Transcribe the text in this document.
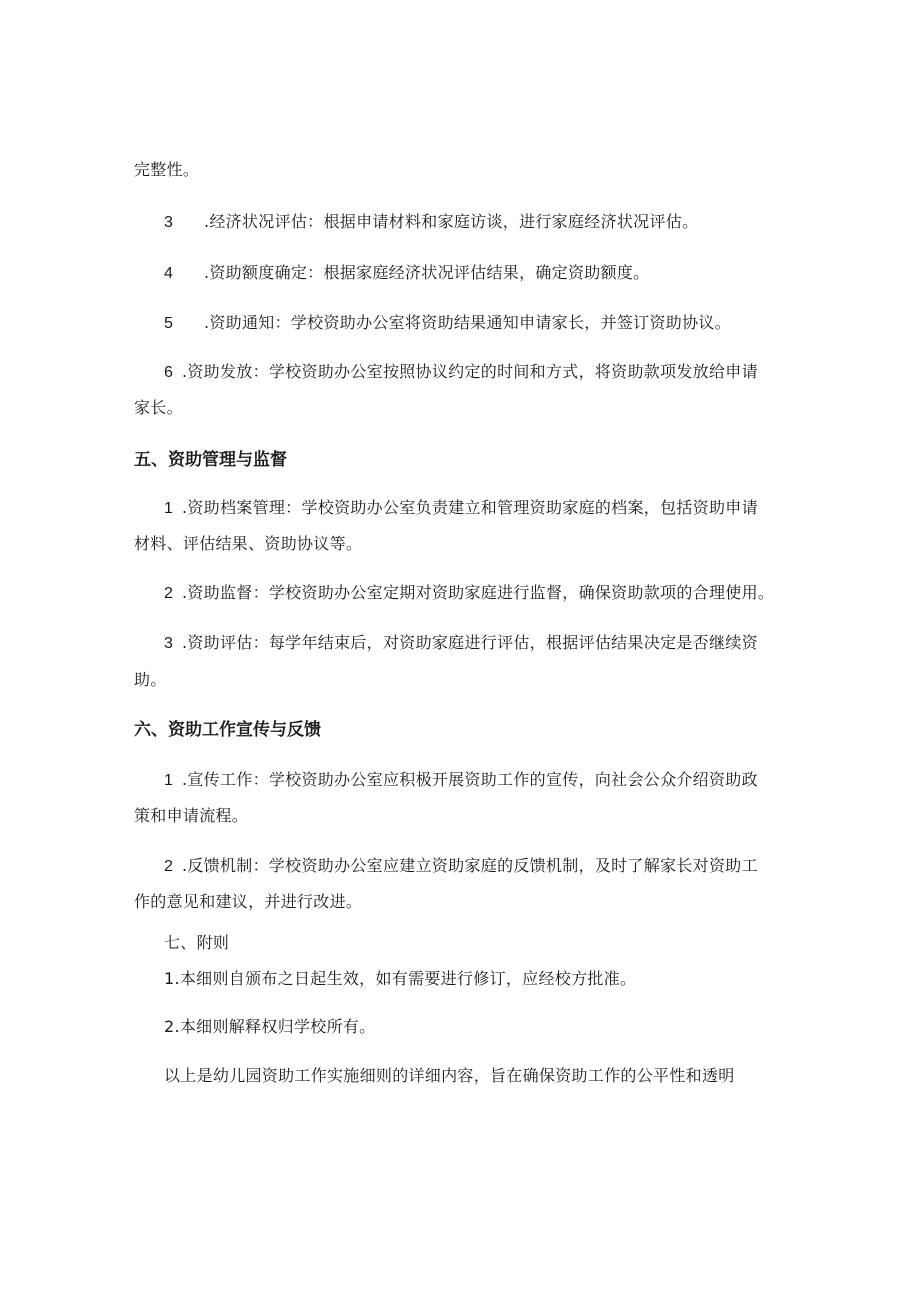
完整性。
3 .经济状况评估：根据申请材料和家庭访谈，进行家庭经济状况评估。
4 .资助额度确定：根据家庭经济状况评估结果，确定资助额度。
5 .资助通知：学校资助办公室将资助结果通知申请家长，并签订资助协议。
6 .资助发放：学校资助办公室按照协议约定的时间和方式，将资助款项发放给申请
家长。
五、资助管理与监督
1 .资助档案管理：学校资助办公室负责建立和管理资助家庭的档案，包括资助申请
材料、评估结果、资助协议等。
2 .资助监督：学校资助办公室定期对资助家庭进行监督，确保资助款项的合理使用。
3 .资助评估：每学年结束后，对资助家庭进行评估，根据评估结果决定是否继续资
助。
六、资助工作宣传与反馈
1 .宣传工作：学校资助办公室应积极开展资助工作的宣传，向社会公众介绍资助政
策和申请流程。
2 .反馈机制：学校资助办公室应建立资助家庭的反馈机制，及时了解家长对资助工
作的意见和建议，并进行改进。
七、附则
1.本细则自颁布之日起生效，如有需要进行修订，应经校方批准。
2.本细则解释权归学校所有。
以上是幼儿园资助工作实施细则的详细内容，旨在确保资助工作的公平性和透明
